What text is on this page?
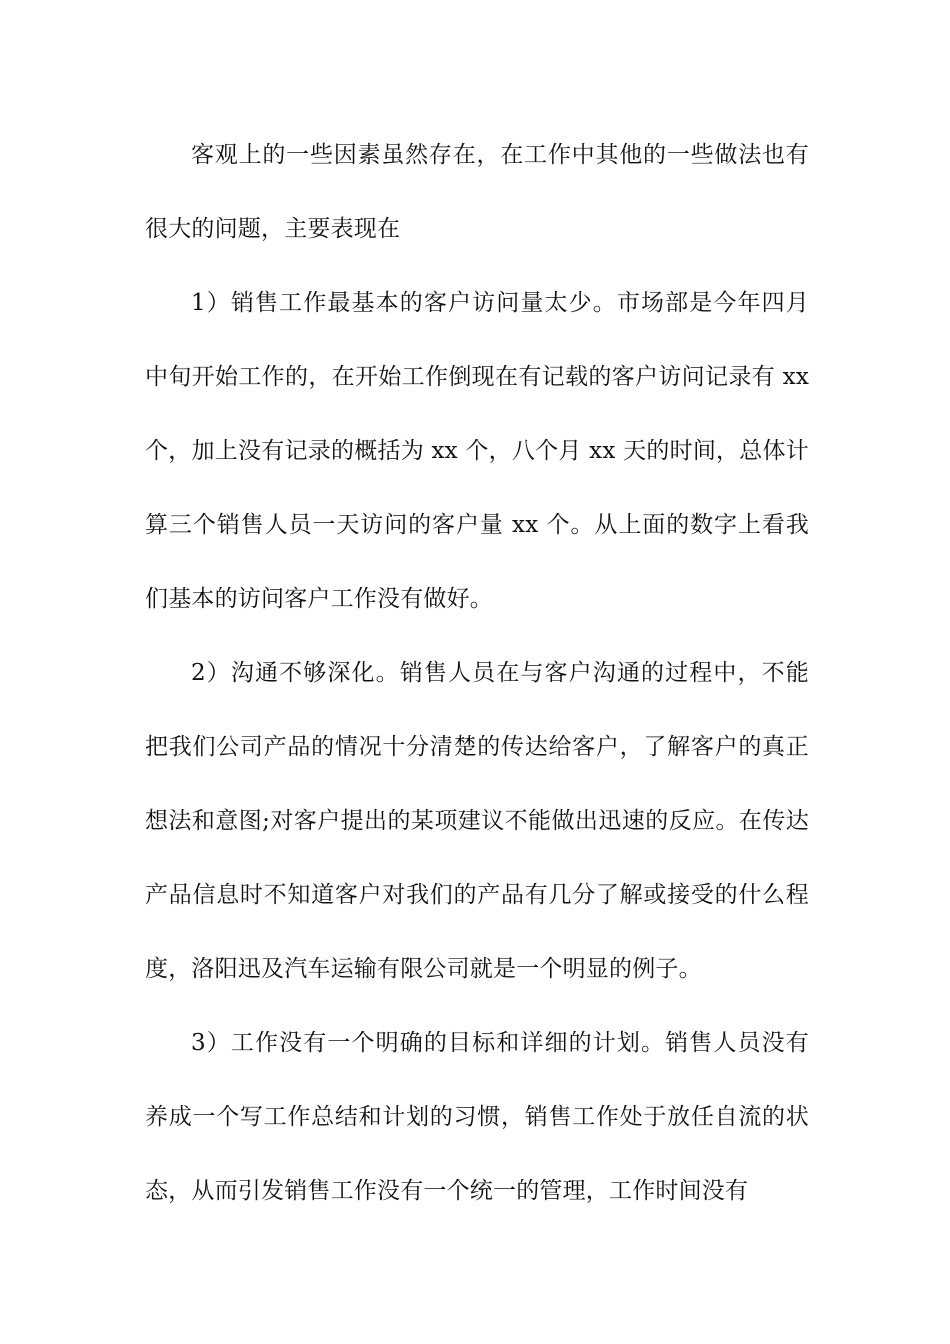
客观上的一些因素虽然存在，在工作中其他的一些做法也有很大的问题，主要表现在

1）销售工作最基本的客户访问量太少。市场部是今年四月中旬开始工作的，在开始工作倒现在有记载的客户访问记录有 xx 个，加上没有记录的概括为 xx 个，八个月 xx 天的时间，总体计算三个销售人员一天访问的客户量 xx 个。从上面的数字上看我们基本的访问客户工作没有做好。

2）沟通不够深化。销售人员在与客户沟通的过程中，不能把我们公司产品的情况十分清楚的传达给客户，了解客户的真正想法和意图;对客户提出的某项建议不能做出迅速的反应。在传达产品信息时不知道客户对我们的产品有几分了解或接受的什么程度，洛阳迅及汽车运输有限公司就是一个明显的例子。

3）工作没有一个明确的目标和详细的计划。销售人员没有养成一个写工作总结和计划的习惯，销售工作处于放任自流的状态，从而引发销售工作没有一个统一的管理，工作时间没有
